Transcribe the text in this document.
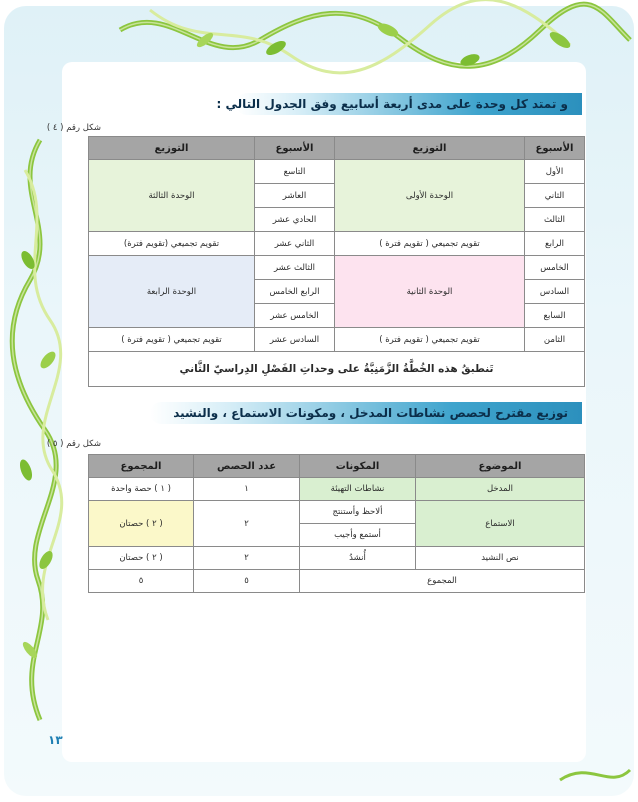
و تمتد كل وحدة على مدى أربعة أسابيع وفق الجدول التالي :
شكل رقم ( ٤ )
الأسبوع	التوزيع	الأسبوع	التوزيع
الأول	الوحدة الأولى	التاسع	الوحدة الثالثة
الثاني		العاشر	
الثالث		الحادي عشر	
الرابع	تقويم تجميعي ( تقويم فترة )	الثاني عشر	تقويم تجميعي (تقويم فترة)
الخامس	الوحدة الثانية	الثالث عشر	الوحدة الرابعة
السادس		الرابع الخامس	
السابع		الخامس عشر	
الثامن	تقويم تجميعي ( تقويم فترة )	السادس عشر	تقويم تجميعي ( تقويم فترة )
تَنطبقُ هذه الخُطَّةُ الزَّمَنِيَّةُ على وحداتِ الفَصْلِ الدِراسيّ الثَّاني			
توزيع مقترح لحصص نشاطات المدخل ، ومكونات الاستماع ، والنشيد
شكل رقم ( ٥ )
الموضوع	المكونات	عدد الحصص	المجموع
المدخل	نشاطات التهيئة	١	( ١ ) حصة واحدة
الاستماع	ألاحظ وأستنتج	٢	( ٢ ) حصتان
	أستمع وأجيب		
نص النشيد	أُنشدُ	٢	( ٢ ) حصتان
المجموع		٥	٥
١٣
